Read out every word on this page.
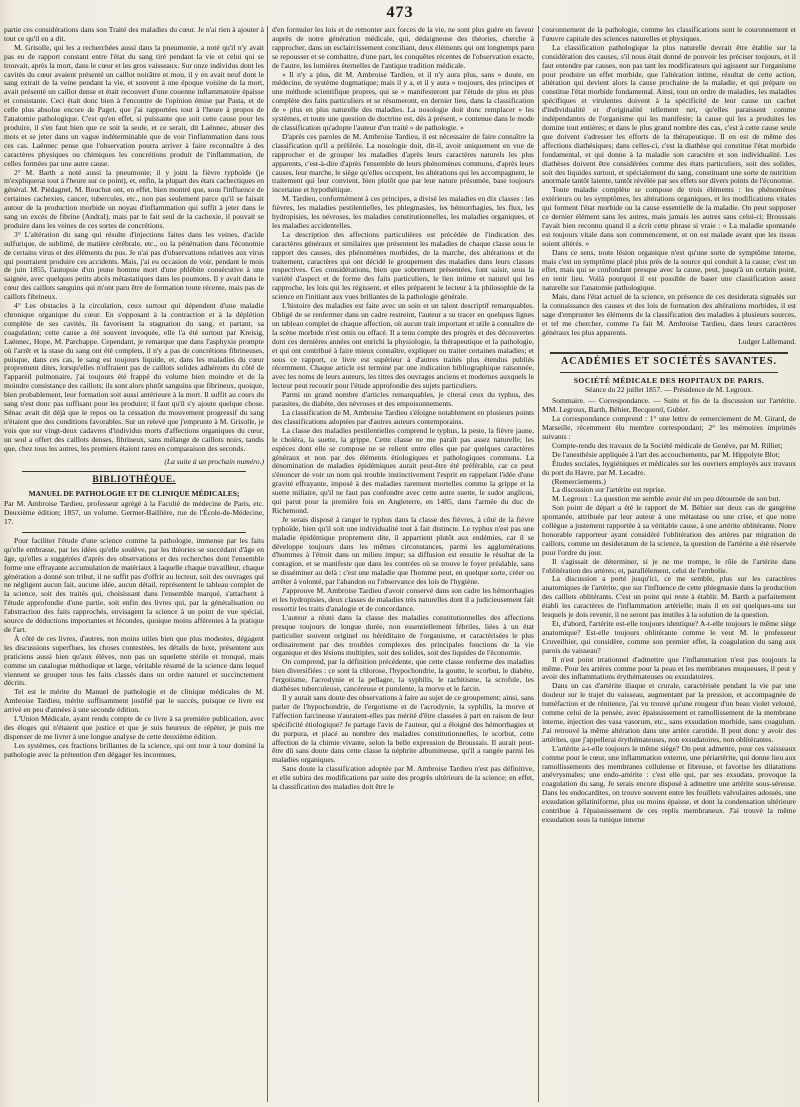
473

partie ces considérations dans son Traité des maladies du cœur. Je n'ai rien à ajouter à tout ce qu'il en a dit.

M. Grisolle, qui les a recherchées aussi dans la pneumonie, a noté qu'il n'y avait pas eu de rapport constant entre l'état du sang tiré pendant la vie et celui qui se trouvait, après la mort, dans le cœur et les gros vaisseaux. Sur onze individus dont les cavités du cœur avaient présenté un caillot noirâtre et mou, il y en avait neuf dont le sang extrait de la veine pendant la vie, et souvent à une époque voisine de la mort, avait présenté un caillot dense et était recouvert d'une couenne inflammatoire épaisse et consistante. Ceci était donc bien à l'encontre de l'opinion émise par Pasta, et de celle plus absolue encore de Paget, que j'ai rapportées tout à l'heure à propos de l'anatomie pathologique. C'est qu'en effet, si puissante que soit cette cause pour les produire, il s'en faut bien que ce soit la seule, et ce serait, dit Laënnec, abuser des mots et se jeter dans un vague indéterminable que de voir l'inflammation dans tous ces cas. Laënnec pense que l'observation pourra arriver à faire reconnaître à des caractères physiques ou chimiques les concrétions produit de l'inflammation, de celles formées par une autre cause.

2° M. Barth a noté aussi la pneumonie; il y joint la fièvre typhoïde (je m'expliquerai tout à l'heure sur ce point), et, enfin, la plupart des états cachectiques en général. M. Piédagnel, M. Bouchut ont, en effet, bien montré que, sous l'influence de certaines cachexies, cancer, tubercules, etc., non pas seulement parce qu'il se faisait autour de la production morbide un noyau d'inflammation qui suffit à jeter dans le sang un excès de fibrine (Andral), mais par le fait seul de la cachexie, il pouvait se produire dans les veines de ces sortes de concrétions.

3° L'altération du sang qui résulte d'injections faites dans les veines, d'acide sulfurique, de sublimé, de matière cérébrale, etc., ou la pénétration dans l'économie de certains virus et des éléments du pus. Je n'ai pas d'observations relatives aux virus qui pourraient produire ces accidents. Mais, j'ai eu occasion de voir, pendant le mois de juin 1855, l'autopsie d'un jeune homme mort d'une phlébite consécutive à une saignée, avec quelques petits abcès métastatiques dans les poumons. Il y avait dans le cœur des caillots sanguins qui m'ont paru être de formation toute récente, mais pas de caillots fibrineux.

4° Les obstacles à la circulation, ceux surtout qui dépendent d'une maladie chronique organique du cœur. En s'opposant à la contraction et à la déplétion complète de ses cavités, ils favorisent la stagnation du sang, et partant, sa coagulation; cette cause a été souvent invoquée, elle l'a été surtout par Kreisig, Laënnec, Hope, M. Parchappe. Cependant, je remarque que dans l'asphyxie prompte où l'arrêt et la stase du sang ont été complets, il n'y a pas de concrétions fibrineuses, puisque, dans ces cas, le sang est toujours liquide, et, dans les maladies du cœur proprement dites, lorsqu'elles n'offraient pas de caillots solides adhérents du côté de l'appareil pulmonaire, j'ai toujours été frappé du volume bien moindre et de la moindre consistance des caillots; ils sont alors plutôt sanguins que fibrineux, quoique, bien probablement, leur formation soit aussi antérieure à la mort. Il suffit au cours du sang n'est donc pas suffisant pour les produire; il faut qu'il s'y ajoute quelque chose. Sénac avait dit déjà que le repos ou la cessation du mouvement progressif du sang n'étaient que des conditions favorables. Sur un relevé que j'emprunte à M. Grisolle, je vois que sur vingt-deux cadavres d'individus morts d'affections organiques du cœur, un seul a offert des caillots denses, fibrineux, sans mélange de caillots noirs, tandis que, chez tous les autres, les premiers étaient rares en comparaison des seconds.

(La suite à un prochain numéro.)

BIBLIOTHÈQUE.
MANUEL DE PATHOLOGIE ET DE CLINIQUE MÉDICALES;

Par M. Ambroise Tardieu, professeur agrégé à la Faculté de médecine de Paris, etc. Deuxième édition; 1857, un volume. Germer-Baillière, rue de l'École-de-Médecine, 17.

Pour faciliter l'étude d'une science comme la pathologie, immense par les faits qu'elle embrasse, par les idées qu'elle soulève, par les théories se succédant d'âge en âge, qu'elles a suggérées d'après des observations et des recherches dont l'ensemble forme une effrayante accumulation de matériaux à laquelle chaque travailleur, chaque génération a donné son tribut, il ne suffit pas d'offrir au lecteur, soit des ouvrages qui ne négligent aucun fait, aucune idée, aucun détail, représentent le tableau complet de la science, soit des traités qui, choisissant dans l'ensemble marqué, s'attachent à l'étude approfondie d'une partie, soit enfin des livres qui, par la généralisation ou l'abstraction des faits rapprochés, envisagent la science à un point de vue spécial, source de déductions importantes et fécondes, quoique moins afférentes à la pratique de l'art.

À côté de ces livres, d'autres, non moins utiles bien que plus modestes, dégagent les discussions superflues, les choses contestées, les détails de luxe, présentent aux praticiens aussi bien qu'aux élèves, non pas un squelette stérile et tronqué, mais comme un catalogue méthodique et large, véritable résumé de la science dans lequel viennent se grouper tous les faits classés dans un ordre naturel et succinctement décrits.

Tel est le mérite du Manuel de pathologie et de clinique médicales de M. Ambroise Tardieu, mérite suffisamment justifié par le succès, puisque ce livre est arrivé en peu d'années à une seconde édition.

L'Union Médicale, ayant rendu compte de ce livre à sa première publication, avec des éloges qui n'étaient que justice et que je suis heureux de répéter, je puis me dispenser de me livrer à une longue analyse de cette deuxième édition.

Les systèmes, ces fractions brillantes de la science, qui ont tour à tour dominé la pathologie avec la prétention d'en dégager les inconnues,

d'en formuler les lois et de remonter aux forces de la vie, ne sont plus guère en faveur auprès de notre génération médicale, qui, dédaigneuse des théories, cherche à rapprocher, dans un esclaircissement conciliant, deux éléments qui ont longtemps paru se repousser et se combattre, d'une part, les conquêtes récentes de l'observation exacte, de l'autre, les lumières éternelles de l'antique tradition médicale.

« Il n'y a plus, dit M. Ambroise Tardieu, et il n'y aura plus, sans » doute, en médecine, de système dogmatique; mais il y a, et il y aura » toujours, des principes et une méthode scientifique propres, qui se » manifesteront par l'étude de plus en plus complète des faits particuliers et se résumeront, en dernier lieu, dans la classification de » plus en plus naturelle des maladies. La nosologie doit donc remplacer » les systèmes, et toute une question de doctrine est, dès à présent, » contenue dans le mode de classification qu'adopte l'auteur d'un traité » de pathologie. »

D'après ces paroles de M. Ambroise Tardieu, il est nécessaire de faire connaître la classification qu'il a préférée. La nosologie doit, dit-il, avoir uniquement en vue de rapprocher et de grouper les maladies d'après leurs caractères naturels les plus apparents, c'est-à-dire d'après l'ensemble de leurs phénomènes communs, d'après leurs causes, leur marche, le siège qu'elles occupent, les altérations qui les accompagnent, le traitement qui leur convient, bien plutôt que par leur nature présumée, base toujours incertaine et hypothétique.

M. Tardieu, conformément à ces principes, a divisé les maladies en dix classes : les fièvres, les maladies pestilentielles, les phlegmasies, les hémorrhagies, les flux, les hydropisies, les névroses, les maladies constitutionnelles, les maladies organiques, et les maladies accidentelles.

La description des affections particulières est précédée de l'indication des caractères généraux et similaires que présentent les maladies de chaque classe sous le rapport des causes, des phénomènes morbides, de la marche, des altérations et du traitement, caractères qui ont décidé le groupement des maladies dans leurs classes respectives. Ces considérations, bien que sobrement présentées, font saisir, sous la variété d'aspect et de forme des faits particuliers, le lien intime et naturel qui les rapproche, les lois qui les régissent, et elles préparent le lecteur à la philosophie de la science en l'initiant aux vues brillantes de la pathologie générale.

L'histoire des maladies est faite avec un soin et un talent descriptif remarquables. Obligé de se renfermer dans un cadre restreint, l'auteur a su tracer en quelques lignes un tableau complet de chaque affection, où aucun trait important et utile à connaître de la scène morbide n'est omis ou effacé. Il a tenu compte des progrès et des découvertes dont ces dernières années ont enrichi la physiologie, la thérapeutique et la pathologie, et qui ont contribué à faire mieux connaître, expliquer ou traiter certaines maladies; et sous ce rapport, ce livre est supérieur à d'autres traités plus étendus publiés récemment. Chaque article est terminé par une indication bibliographique raisonnée, avec les noms de leurs auteurs, les titres des ouvrages anciens et modernes auxquels le lecteur peut recourir pour l'étude approfondie des sujets particuliers.

Parmi un grand nombre d'articles remarquables, je citerai ceux du typhus, des parasites, du diabète, des névroses et des empoisonnements.

La classification de M. Ambroise Tardieu s'éloigne notablement en plusieurs points des classifications adoptées par d'autres auteurs contemporains.

La classe des maladies pestilentielles comprend le typhus, la peste, la fièvre jaune, le choléra, la suette, la grippe. Cette classe ne me paraît pas assez naturelle; les espèces dont elle se compose ne se relient entre elles que par quelques caractères généraux et non par des éléments étiologiques et pathologiques communs. La dénomination de maladies épidémiques aurait peut-être été préférable, car ce peut s'énoncer de voir un nom qui trouble instinctivement l'esprit en rappelant l'idée d'une gravité effrayante, imposé à des maladies rarement mortelles comme la grippe et la suette miliaire, qu'il ne faut pas confondre avec cette autre suette, le sudor anglicus, qui parut pour la première fois en Angleterre, en 1485, dans l'armée du duc de Richemond.

Je serais disposé à ranger le typhus dans la classe des fièvres, à côté de la fièvre typhoïde, bien qu'il soit une individualité tout à fait distincte. Le typhus n'est pas une maladie épidémique proprement dite, il appartient plutôt aux endémies, car il se développe toujours dans les mêmes circonstances, parmi les agglomérations d'hommes à l'étroit dans un milieu impur; sa diffusion est ensuite le résultat de la contagion, et se manifeste que dans les contrées où se trouve le foyer préalable, sans se disséminer au delà : c'est une maladie que l'homme peut, en quelque sorte, créer ou arrêter à volonté, par l'abandon ou l'observance des lois de l'hygiène.

J'approuve M. Ambroise Tardieu d'avoir conservé dans son cadre les hémorrhagies et les hydropisies, deux classes de maladies très naturelles dont il a judicieusement fait ressortir les traits d'analogie et de concordance.

L'auteur a réuni dans la classe des maladies constitutionnelles des affections presque toujours de longue durée, non essentiellement fébriles, liées à un état particulier souvent originel ou héréditaire de l'organisme, et caractérisées le plus ordinairement par des troubles complexes des principales fonctions de la vie organique et des lésions multiples, soit des solides, soit des liquides de l'économie.

On comprend, par la définition précédente, que cette classe renferme des maladies bien diversifiées : ce sont la chlorose, l'hypochondrie, la goutte, le scorbut, le diabète, l'ergotisme, l'acrodynie et la pellagre, la syphilis, le rachitisme, la scrofule, les diathèses tuberculeuse, cancéreuse et purulente, la morve et le farcin.

Il y aurait sans doute des observations à faire au sujet de ce groupement; ainsi, sans parler de l'hypochondrie, de l'ergotisme et de l'acrodynie, la syphilis, la morve et l'affection farcineuse n'auraient-elles pas mérité d'être classées à part en raison de leur spécificité étiologique? Je partage l'avis de l'auteur, qui a éloigné des hémorrhagies et du purpura, et placé au nombre des maladies constitutionnelles, le scorbut, cette affection de la chimie vivante, selon la belle expression de Broussais. Il aurait peut-être dû sans doute dans cette classe la néphrite albumineuse, qu'il a rangée parmi les maladies organiques.

Sans doute la classification adoptée par M. Ambroise Tardieu n'est pas définitive, et elle subira des modifications par suite des progrès ultérieurs de la science; en effet, la classification des maladies doit être le

couronnement de la pathologie, comme les classifications sont le couronnement et l'œuvre capitale des sciences naturelles et physiques.

La classification pathologique la plus naturelle devrait être établie sur la considération des causes, s'il nous était donné de pouvoir les préciser toujours, et il faut entendre par causes, non pas tant les modificateurs qui agissent sur l'organisme pour produire un effet morbide, que l'altération intime, résultat de cette action, altération qui devient alors la cause prochaine de la maladie, et qui prépare ou constitue l'état morbide fondamental. Ainsi, tout un ordre de maladies, les maladies spécifiques et virulentes doivent à la spécificité de leur cause un cachet d'individualité et d'originalité tellement net, qu'elles paraissent comme indépendantes de l'organisme qui les manifeste; la cause qui les a produites les domine tout entières; et dans le plus grand nombre des cas, c'est à cette cause seule que doivent s'adresser les efforts de la thérapeutique. Il en est de même des affections diathésiques; dans celles-ci, c'est la diathèse qui constitue l'état morbide fondamental, et qui donne à la maladie son caractère et son individualité. Les diathèses doivent être considérées comme des états particuliers, soit des solides, soit des liquides surtout, et spécialement du sang, constituant une sorte de nutrition anormale tantôt latente, tantôt révélée par ses effets sur divers points de l'économie.

Toute maladie complète se compose de trois éléments : les phénomènes extérieurs ou les symptômes, les altérations organiques, et les modifications vitales qui forment l'état morbide ou la cause essentielle de la maladie. On peut supposer ce dernier élément sans les autres, mais jamais les autres sans celui-ci; Broussais l'avait bien reconnu quand il a écrit cette phrase si vraie : « La maladie spontanée est toujours vitale dans son commencement, et on est malade avant que les tissus soient altérés. »

Dans ce sens, toute lésion organique n'est qu'une sorte de symptôme interne, mais c'est un symptôme placé plus près de la source qui conduit à la cause; c'est un effet, mais qui se confondant presque avec la cause, peut, jusqu'à un certain point, en tenir lieu. Voilà pourquoi il est possible de baser une classification assez naturelle sur l'anatomie pathologique.

Mais, dans l'état actuel de la science, en présence de ces desiderata signalés sur la connaissance des causes et des lois de formation des altérations morbides, il est sage d'emprunter les éléments de la classification des maladies à plusieurs sources, et tel me chercher, comme l'a fait M. Ambroise Tardieu, dans leurs caractères généraux les plus apparents.

Ludger Lallemand.

ACADÉMIES ET SOCIÉTÉS SAVANTES.
SOCIÉTÉ MÉDICALE DES HOPITAUX DE PARIS.
Séance du 22 juillet 1857. — Présidence de M. Legroux.

Sommaire. — Correspondance. — Suite et fin de la discussion sur l'artérite. MM. Legroux, Barth, Béhier, Becquerel, Gubler.

La correspondance comprend : 1° une lettre de remerciement de M. Girard, de Marseille, récemment élu membre correspondant; 2° les mémoires imprimés suivants :

Compte-rendu des travaux de la Société médicale de Genève, par M. Rilliet;

De l'anesthésie appliquée à l'art des accouchements, par M. Hippolyte Blot;

Études sociales, hygiéniques et médicales sur les ouvriers employés aux travaux du port du Havre, par M. Lecadre.

(Remerciements.)

La discussion sur l'artérite est reprise.

M. Legroux : La question me semble avoir été un peu détournée de son but.

Son point de départ a été le rapport de M. Béhier sur deux cas de gangrène spontanée, attribuée par leur auteur à une métastase ou une crise, et que notre collègue a justement rapportée à sa véritable cause, à une artérite oblitérante. Notre honorable rapporteur ayant considéré l'oblitération des artères par migration de caillots, comme un desideratum de la science, la question de l'artérite a été réservée pour l'ordre du jour.

Il s'agissait de déterminer, si je ne me trompe, le rôle de l'artérite dans l'oblitération des artères; et, parallèlement, celui de l'embolie.

La discussion a porté jusqu'ici, ce me semble, plus sur les caractères anatomiques de l'artérite, que sur l'influence de cette phlegmasie dans la production des caillots oblitérants. C'est un point qui reste à établir. M. Barth a parfaitement établi les caractères de l'inflammation artérielle; mais il en est quelques-uns sur lesquels je dois revenir, il ne seront pas inutiles à la solution de la question.

Et, d'abord, l'artérite est-elle toujours identique? A-t-elle toujours le même siège anatomique? Est-elle toujours oblitérante comme le veut M. le professeur Cruveilhier, qui considère, comme son premier effet, la coagulation du sang aux parois du vaisseau?

Il n'est point irrationnel d'admettre que l'inflammation n'est pas toujours la même. Pour les artères comme pour la peau et les membranes muqueuses, il peut y avoir des inflammations érythémateuses ou exsudatoires.

Dans un cas d'artérite iliaque et crurale, caractérisée pendant la vie par une douleur sur le trajet du vaisseau, augmentant par la pression, et accompagnée de tuméfaction et de rénitence, j'ai vu trouvé qu'une rougeur d'un beau violet velouté, comme celui de la pensée, avec épaississement et ramollissement de la membrane interne, injection des vasa vasorum, etc., sans exsudation morbide, sans coagulum. J'ai retrouvé la même altération dans une artère carotide. Il peut donc y avoir des artérites, que j'appellerai érythémateuses, non exsudatoires, non oblitérantes.

L'artérite a-t-elle toujours le même siège? On peut admettre, pour ces vaisseaux comme pour le cœur, une inflammation externe, une périartérite, qui donne lieu aux ramollissements des membranes cellulense et fibreuse, et favorise les dilatations anévrysmales; une endo-artérite : c'est elle qui, par ses exsudats, provoque la coagulation du sang. Je serais encore disposé à admettre une artérite sous-séreuse. Dans les endocardites, on trouve souvent entre les feuillets valvulaires adossés, une exsudation gélatiniforme, plus ou moins épaisse, et dont la condensation ultérieure contribue à l'épaississement de ces replis membraneux. J'ai trouvé la même exsudation sous la tunique interne
